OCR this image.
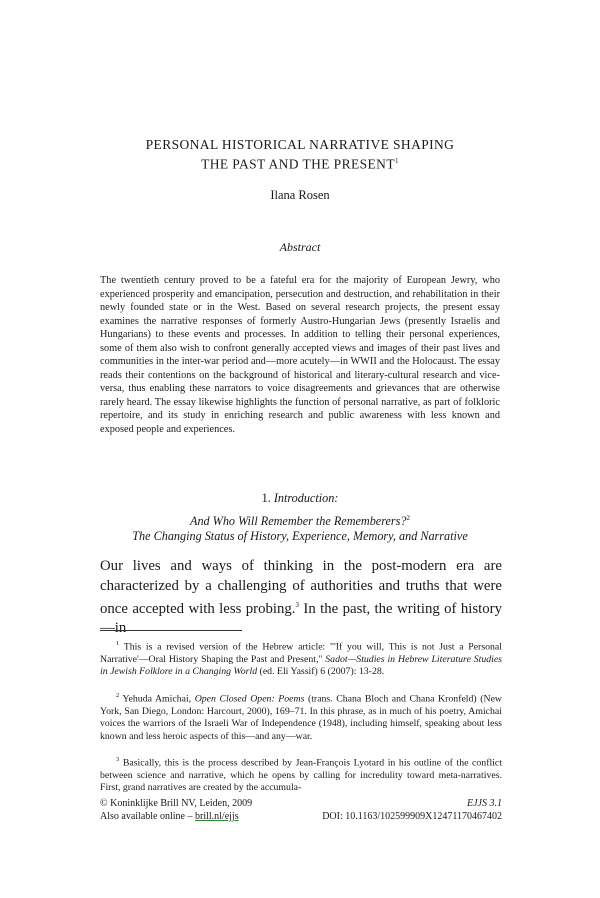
PERSONAL HISTORICAL NARRATIVE SHAPING
THE PAST AND THE PRESENT$^1$
Ilana Rosen
Abstract

The twentieth century proved to be a fateful era for the majority of European Jewry, who experienced prosperity and emancipation, persecution and destruction, and rehabilitation in their newly founded state or in the West. Based on several research projects, the present essay examines the narrative responses of formerly Austro-Hungarian Jews (presently Israelis and Hungarians) to these events and processes. In addition to telling their personal experiences, some of them also wish to confront generally accepted views and images of their past lives and communities in the inter-war period and—more acutely—in WWII and the Holocaust. The essay reads their contentions on the background of historical and literary-cultural research and vice-versa, thus enabling these narrators to voice disagreements and grievances that are otherwise rarely heard. The essay likewise highlights the function of personal narrative, as part of folkloric repertoire, and its study in enriching research and public awareness with less known and exposed people and experiences.

1. Introduction:
And Who Will Remember the Rememberers?$^2$
The Changing Status of History, Experience, Memory, and Narrative

Our lives and ways of thinking in the post-modern era are characterized by a challenging of authorities and truths that were once accepted with less probing.$^3$ In the past, the writing of history—in

$^1$ This is a revised version of the Hebrew article: "'If you will, This is not Just a Personal Narrative'—Oral History Shaping the Past and Present," Sadot—Studies in Hebrew Literature Studies in Jewish Folklore in a Changing World (ed. Eli Yassif) 6 (2007): 13-28.

$^2$ Yehuda Amichai, Open Closed Open: Poems (trans. Chana Bloch and Chana Kronfeld) (New York, San Diego, London: Harcourt, 2000), 169–71. In this phrase, as in much of his poetry, Amichai voices the warriors of the Israeli War of Independence (1948), including himself, speaking about less known and less heroic aspects of this—and any—war.

$^3$ Basically, this is the process described by Jean-François Lyotard in his outline of the conflict between science and narrative, which he opens by calling for incredulity toward meta-narratives. First, grand narratives are created by the accumula-

© Koninklijke Brill NV, Leiden, 2009
Also available online – brill.nl/ejjs
EJJS 3.1
DOI: 10.1163/102599909X12471170467402
